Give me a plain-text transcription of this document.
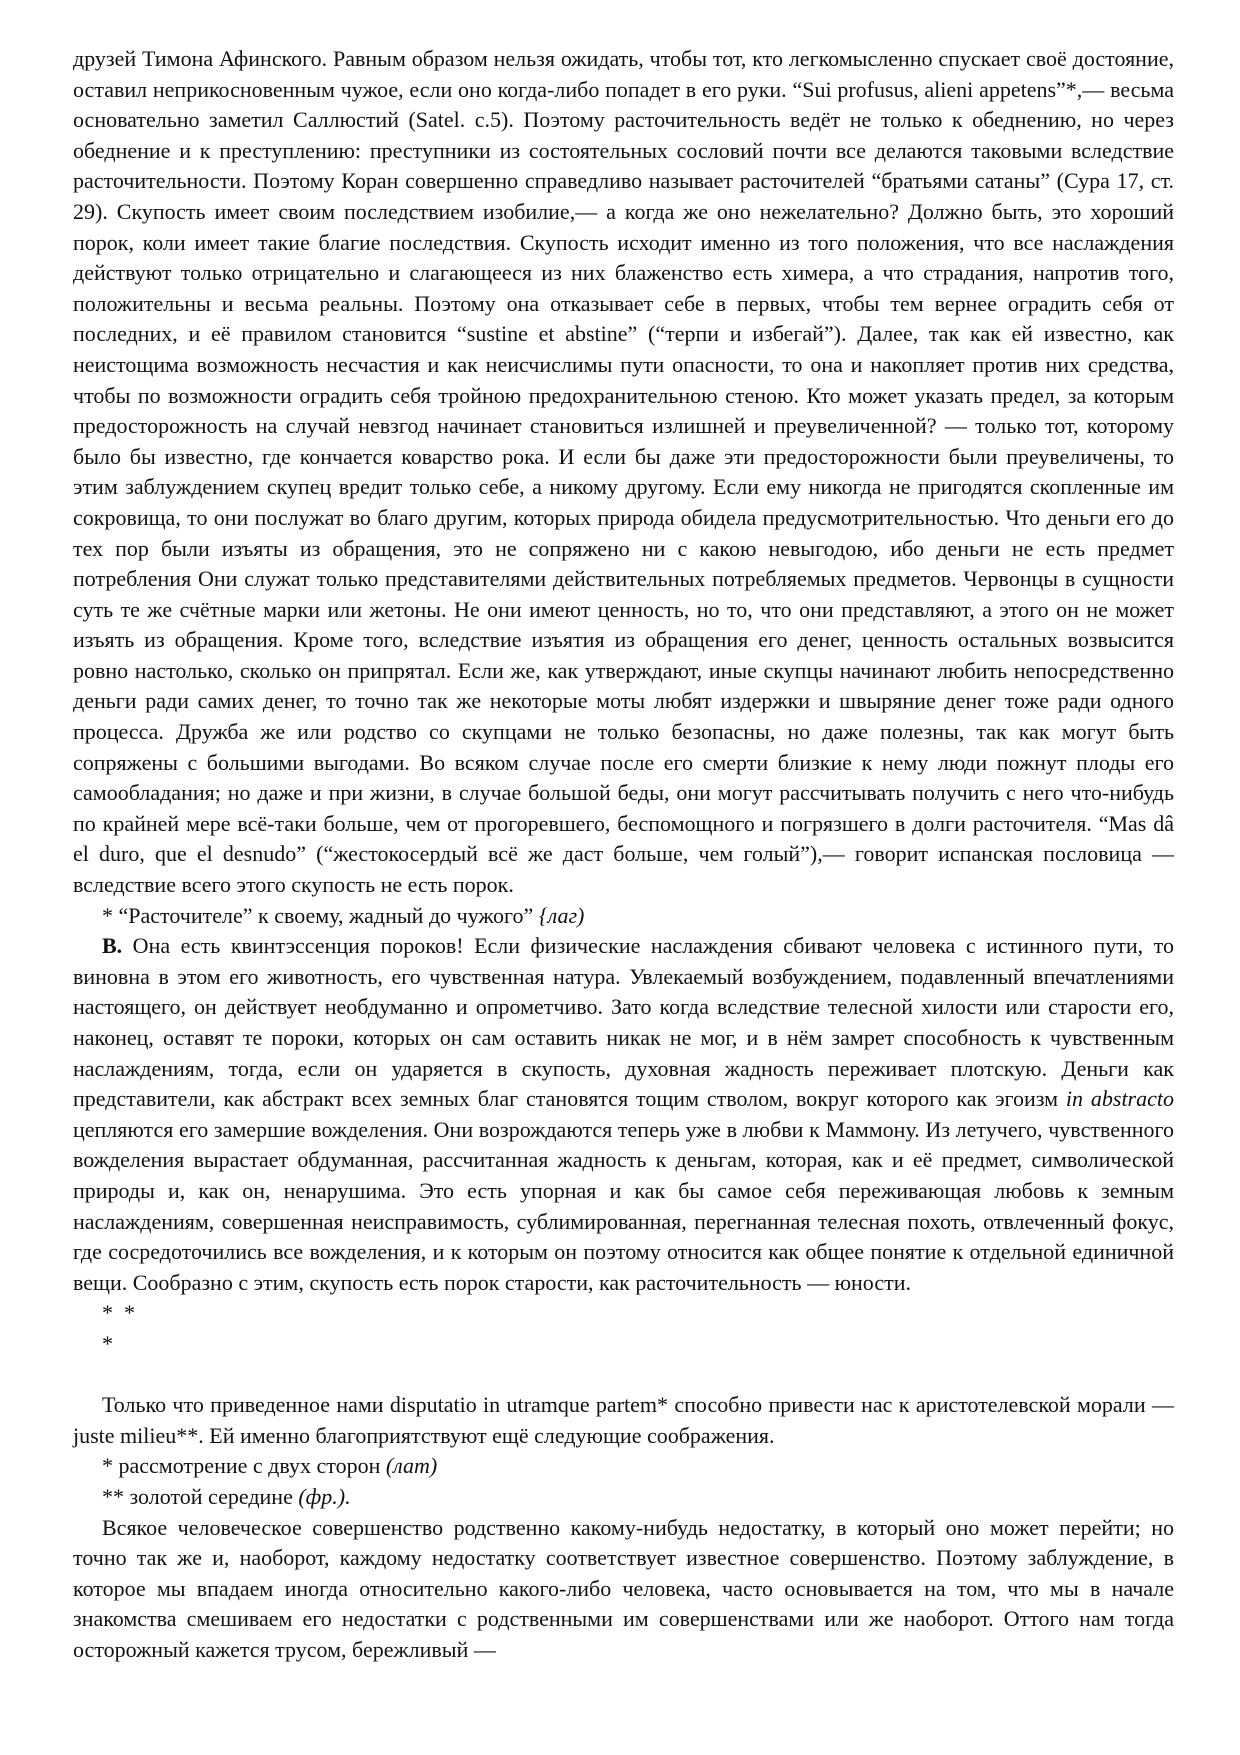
друзей Тимона Афинского. Равным образом нельзя ожидать, чтобы тот, кто легкомысленно спускает своё достояние, оставил неприкосновенным чужое, если оно когда-либо попадет в его руки. “Sui profusus, alieni appetens”*,— весьма основательно заметил Саллюстий (Satel. c.5). Поэтому расточительность ведёт не только к обеднению, но через обеднение и к преступлению: преступники из состоятельных сословий почти все делаются таковыми вследствие расточительности. Поэтому Коран совершенно справедливо называет расточителей “братьями сатаны” (Сура 17, ст. 29). Скупость имеет своим последствием изобилие,— а когда же оно нежелательно? Должно быть, это хороший порок, коли имеет такие благие последствия. Скупость исходит именно из того положения, что все наслаждения действуют только отрицательно и слагающееся из них блаженство есть химера, а что страдания, напротив того, положительны и весьма реальны. Поэтому она отказывает себе в первых, чтобы тем вернее оградить себя от последних, и её правилом становится “sustine et abstine” (“терпи и избегай”). Далее, так как ей известно, как неистощима возможность несчастия и как неисчислимы пути опасности, то она и накопляет против них средства, чтобы по возможности оградить себя тройною предохранительною стеною. Кто может указать предел, за которым предосторожность на случай невзгод начинает становиться излишней и преувеличенной? — только тот, которому было бы известно, где кончается коварство рока. И если бы даже эти предосторожности были преувеличены, то этим заблуждением скупец вредит только себе, а никому другому. Если ему никогда не пригодятся скопленные им сокровища, то они послужат во благо другим, которых природа обидела предусмотрительностью. Что деньги его до тех пор были изъяты из обращения, это не сопряжено ни с какою невыгодою, ибо деньги не есть предмет потребления Они служат только представителями действительных потребляемых предметов. Червонцы в сущности суть те же счётные марки или жетоны. Не они имеют ценность, но то, что они представляют, а этого он не может изъять из обращения. Кроме того, вследствие изъятия из обращения его денег, ценность остальных возвысится ровно настолько, сколько он припрятал. Если же, как утверждают, иные скупцы начинают любить непосредственно деньги ради самих денег, то точно так же некоторые моты любят издержки и швыряние денег тоже ради одного процесса. Дружба же или родство со скупцами не только безопасны, но даже полезны, так как могут быть сопряжены с большими выгодами. Во всяком случае после его смерти близкие к нему люди пожнут плоды его самообладания; но даже и при жизни, в случае большой беды, они могут рассчитывать получить с него что-нибудь по крайней мере всё-таки больше, чем от прогоревшего, беспомощного и погрязшего в долги расточителя. “Mas dâ el duro, que el desnudo” (“жестокосердый всё же даст больше, чем голый”),— говорит испанская пословица — вследствие всего этого скупость не есть порок.

* “Расточителе” к своему, жадный до чужого” {лаг)

B. Она есть квинтэссенция пороков! Если физические наслаждения сбивают человека с истинного пути, то виновна в этом его животность, его чувственная натура. Увлекаемый возбуждением, подавленный впечатлениями настоящего, он действует необдуманно и опрометчиво. Зато когда вследствие телесной хилости или старости его, наконец, оставят те пороки, которых он сам оставить никак не мог, и в нём замрет способность к чувственным наслаждениям, тогда, если он ударяется в скупость, духовная жадность переживает плотскую. Деньги как представители, как абстракт всех земных благ становятся тощим стволом, вокруг которого как эгоизм in abstracto цепляются его замершие вожделения. Они возрождаются теперь уже в любви к Маммону. Из летучего, чувственного вожделения вырастает обдуманная, рассчитанная жадность к деньгам, которая, как и её предмет, символической природы и, как он, ненарушима. Это есть упорная и как бы самое себя переживающая любовь к земным наслаждениям, совершенная неисправимость, сублимированная, перегнанная телесная похоть, отвлеченный фокус, где сосредоточились все вожделения, и к которым он поэтому относится как общее понятие к отдельной единичной вещи. Сообразно с этим, скупость есть порок старости, как расточительность — юности.

*  *

*

Только что приведенное нами disputatio in utramque partem* способно привести нас к аристотелевской морали — juste milieu**. Ей именно благоприятствуют ещё следующие соображения.

* рассмотрение с двух сторон (лат)

** золотой середине (фр.).

Всякое человеческое совершенство родственно какому-нибудь недостатку, в который оно может перейти; но точно так же и, наоборот, каждому недостатку соответствует известное совершенство. Поэтому заблуждение, в которое мы впадаем иногда относительно какого-либо человека, часто основывается на том, что мы в начале знакомства смешиваем его недостатки с родственными им совершенствами или же наоборот. Оттого нам тогда осторожный кажется трусом, бережливый —
